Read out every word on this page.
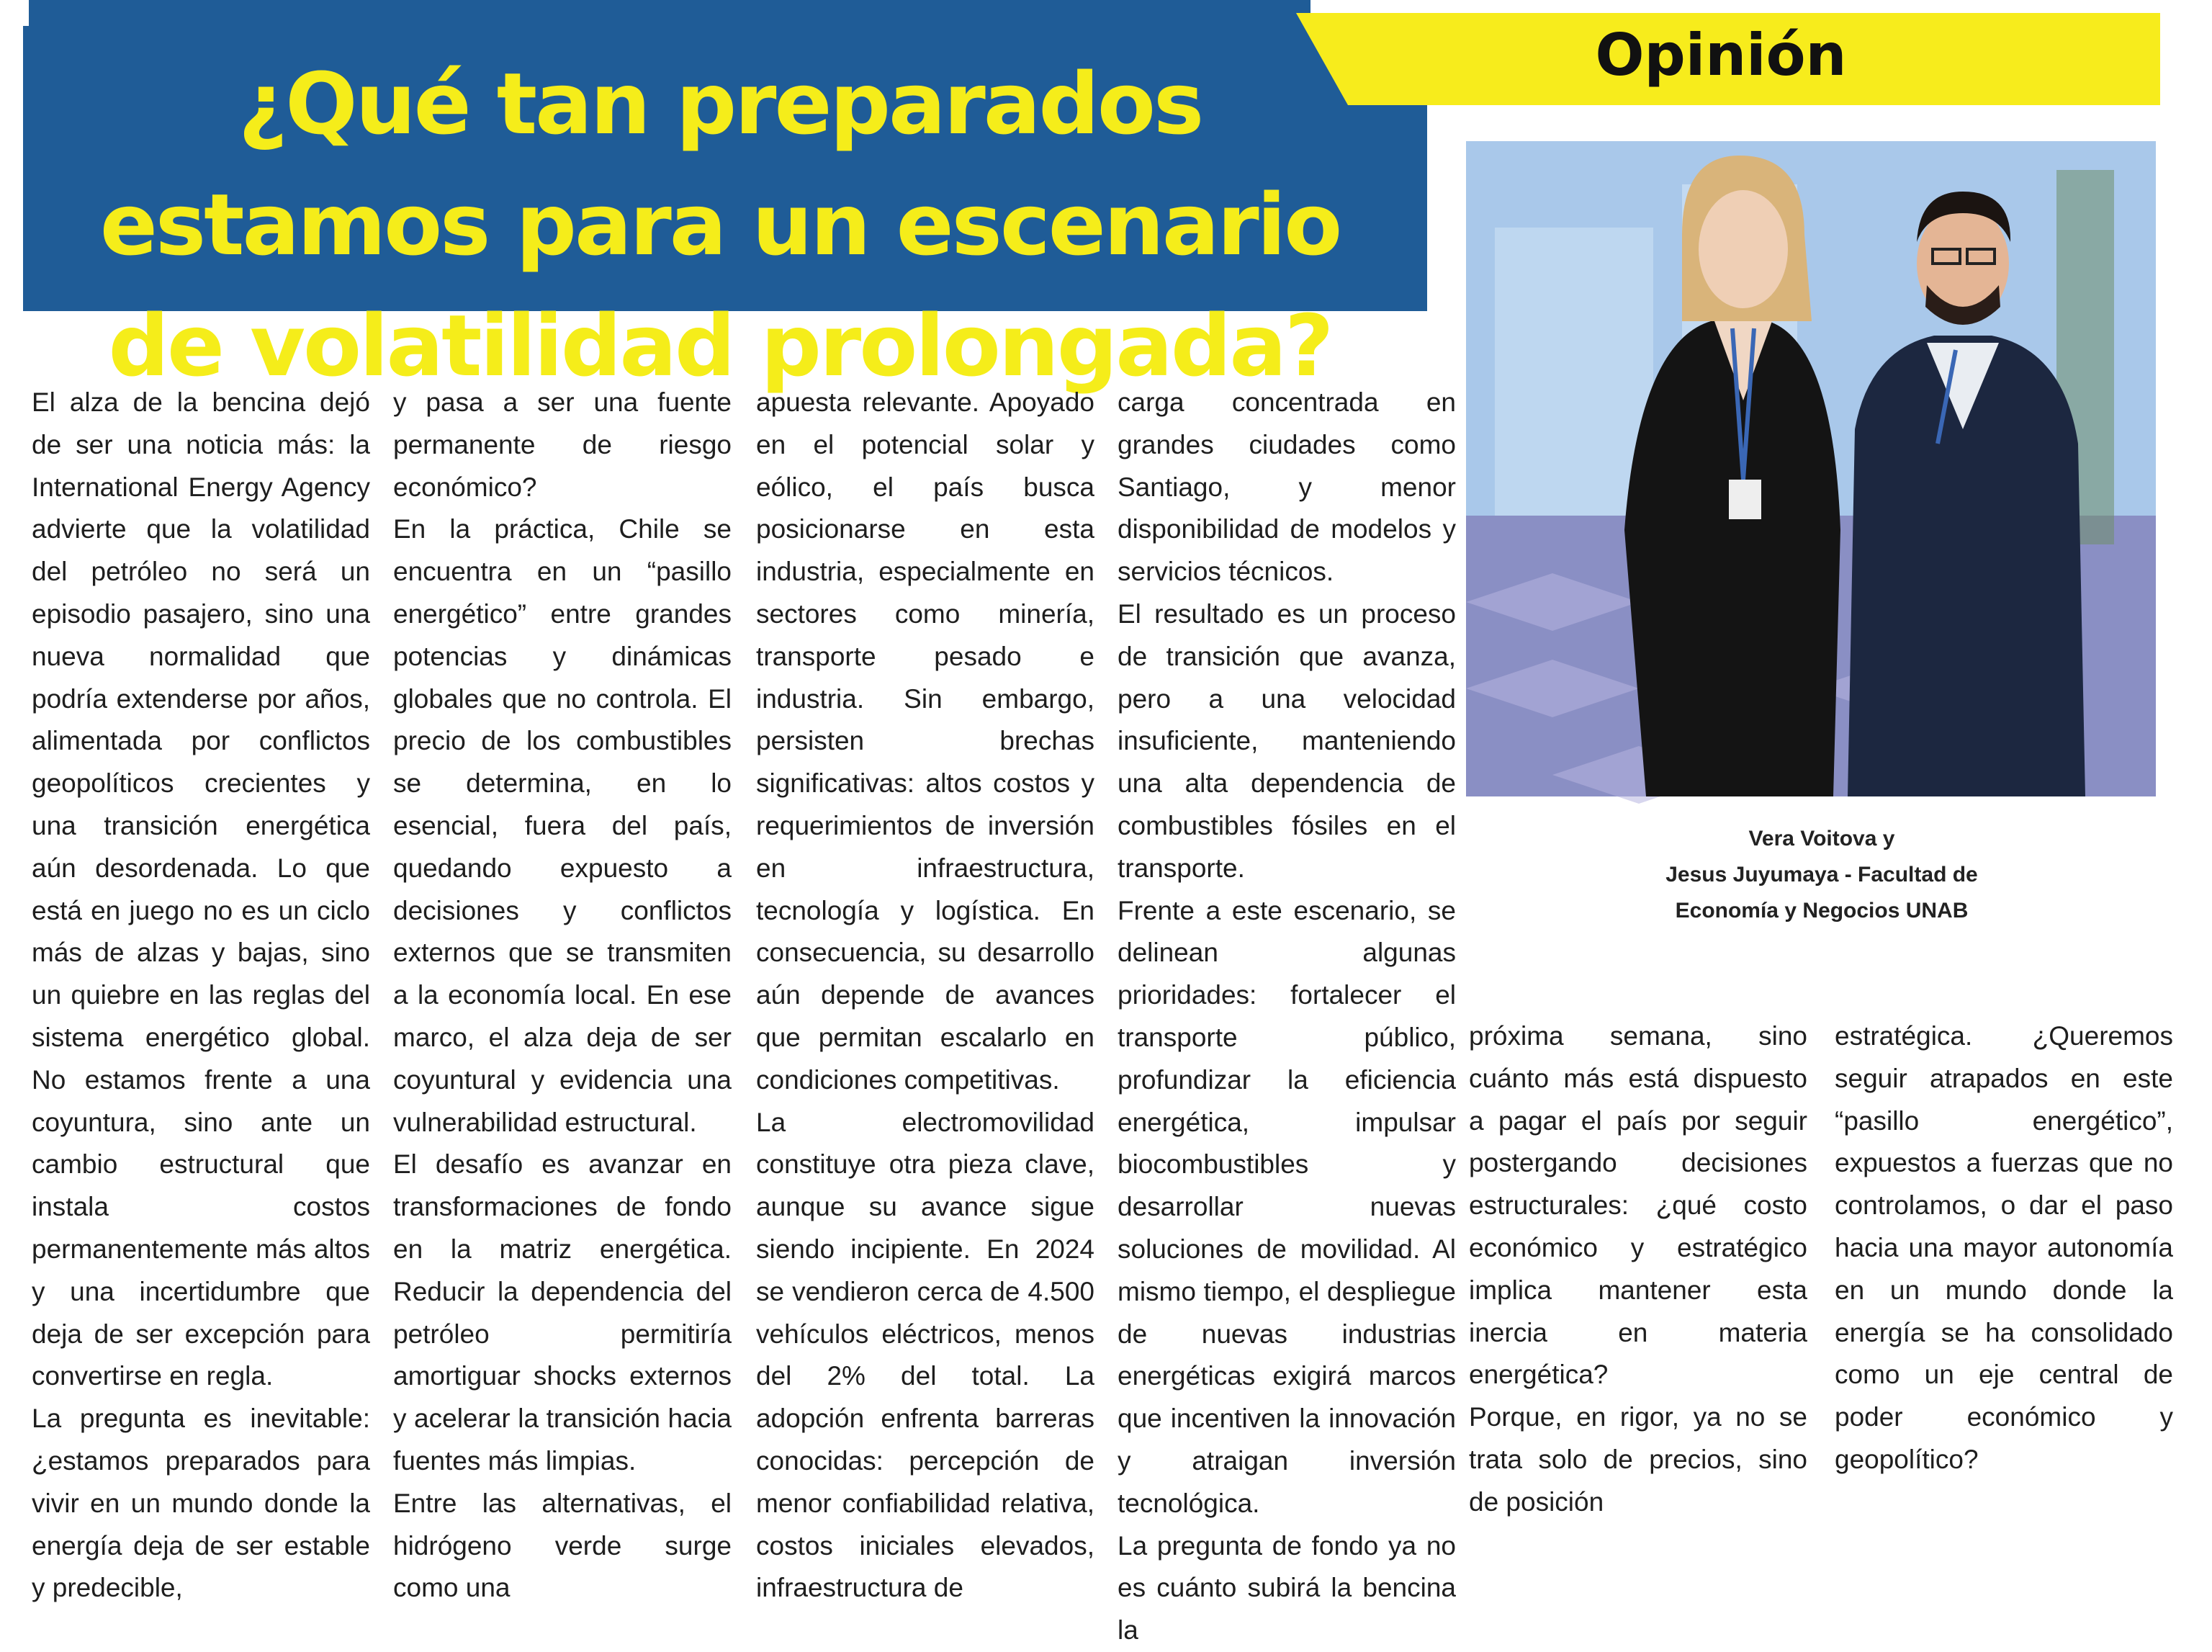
¿Qué tan preparados estamos para un escenario de volatilidad prolongada?
Opinión

El alza de la bencina dejó de ser una noticia más: la International Energy Agency advierte que la volatilidad del petróleo no será un episodio pasajero, sino una nueva normalidad que podría extenderse por años, alimentada por conflictos geopolíticos crecientes y una transición energética aún desordenada. Lo que está en juego no es un ciclo más de alzas y bajas, sino un quiebre en las reglas del sistema energético global. No estamos frente a una coyuntura, sino ante un cambio estructural que instala costos permanentemente más altos y una incertidumbre que deja de ser excepción para convertirse en regla.

La pregunta es inevitable: ¿estamos preparados para vivir en un mundo donde la energía deja de ser estable y predecible,

y pasa a ser una fuente permanente de riesgo económico?

En la práctica, Chile se encuentra en un “pasillo energético” entre grandes potencias y dinámicas globales que no controla. El precio de los combustibles se determina, en lo esencial, fuera del país, quedando expuesto a decisiones y conflictos externos que se transmiten a la economía local. En ese marco, el alza deja de ser coyuntural y evidencia una vulnerabilidad estructural.

El desafío es avanzar en transformaciones de fondo en la matriz energética. Reducir la dependencia del petróleo permitiría amortiguar shocks externos y acelerar la transición hacia fuentes más limpias.

Entre las alternativas, el hidrógeno verde surge como una

apuesta relevante. Apoyado en el potencial solar y eólico, el país busca posicionarse en esta industria, especialmente en sectores como minería, transporte pesado e industria. Sin embargo, persisten brechas significativas: altos costos y requerimientos de inversión en infraestructura, tecnología y logística. En consecuencia, su desarrollo aún depende de avances que permitan escalarlo en condiciones competitivas.

La electromovilidad constituye otra pieza clave, aunque su avance sigue siendo incipiente. En 2024 se vendieron cerca de 4.500 vehículos eléctricos, menos del 2% del total. La adopción enfrenta barreras conocidas: percepción de menor confiabilidad relativa, costos iniciales elevados, infraestructura de

carga concentrada en grandes ciudades como Santiago, y menor disponibilidad de modelos y servicios técnicos.

El resultado es un proceso de transición que avanza, pero a una velocidad insuficiente, manteniendo una alta dependencia de combustibles fósiles en el transporte.

Frente a este escenario, se delinean algunas prioridades: fortalecer el transporte público, profundizar la eficiencia energética, impulsar biocombustibles y desarrollar nuevas soluciones de movilidad. Al mismo tiempo, el despliegue de nuevas industrias energéticas exigirá marcos que incentiven la innovación y atraigan inversión tecnológica.

La pregunta de fondo ya no es cuánto subirá la bencina la

próxima semana, sino cuánto más está dispuesto a pagar el país por seguir postergando decisiones estructurales: ¿qué costo económico y estratégico implica mantener esta inercia en materia energética?

Porque, en rigor, ya no se trata solo de precios, sino de posición

estratégica. ¿Queremos seguir atrapados en este “pasillo energético”, expuestos a fuerzas que no controlamos, o dar el paso hacia una mayor autonomía en un mundo donde la energía se ha consolidado como un eje central de poder económico y geopolítico?

Vera Voitova y
Jesus Juyumaya - Facultad de
Economía y Negocios UNAB
